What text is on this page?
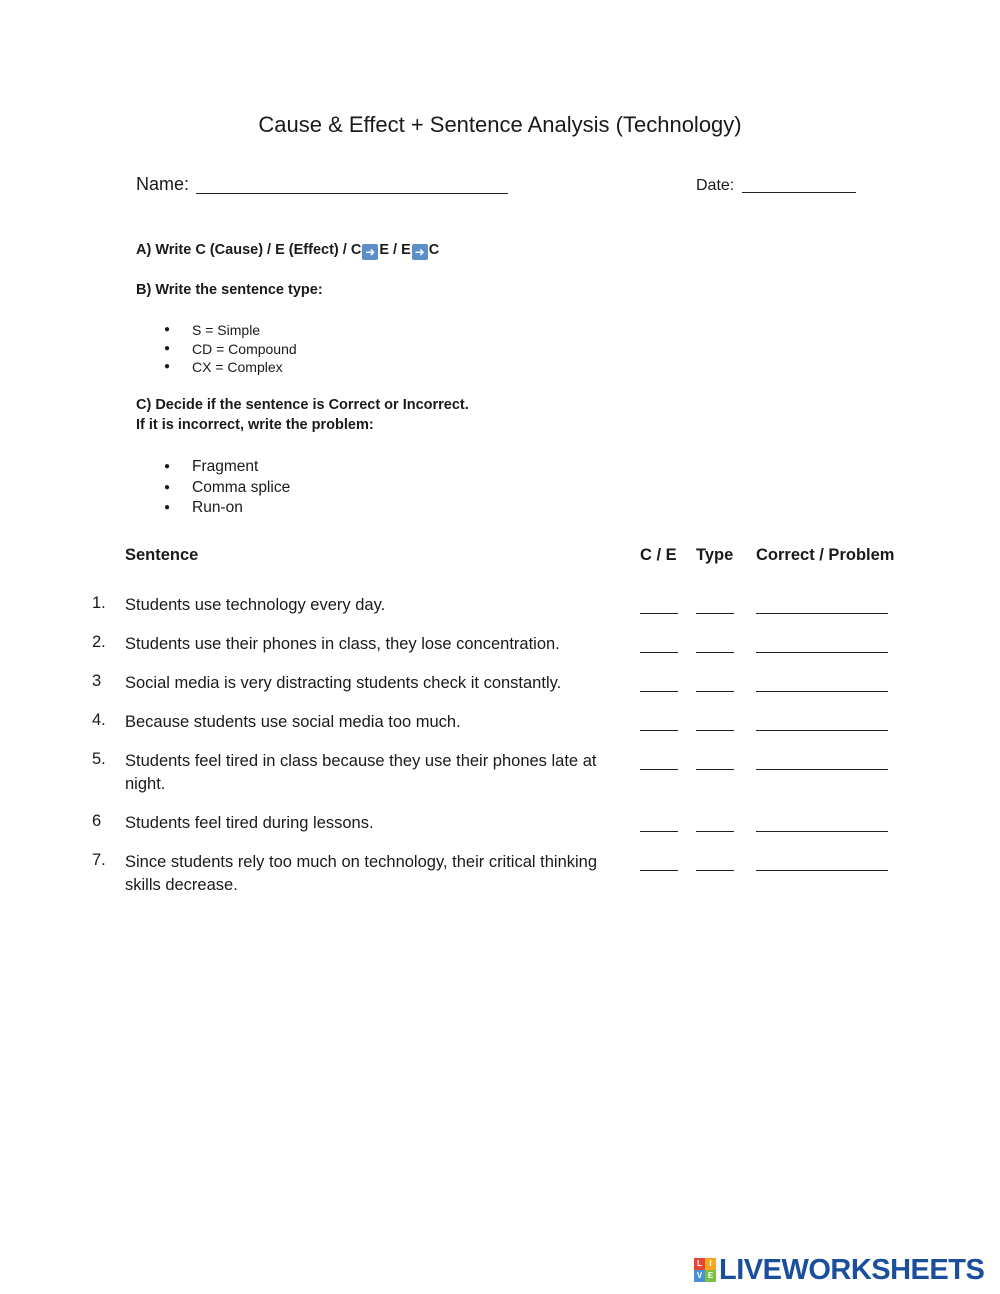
Cause & Effect + Sentence Analysis (Technology)
Name:	Date:
A) Write C (Cause) / E (Effect) / C ➜ E / E ➜ C
B) Write the sentence type:
● S = Simple
● CD = Compound
● CX = Complex
C) Decide if the sentence is Correct or Incorrect.
If it is incorrect, write the problem:
● Fragment
● Comma splice
● Run-on
Sentence	C / E Type Correct / Problem
1. Students use technology every day.
2. Students use their phones in class, they lose concentration.
3 Social media is very distracting students check it constantly.
4. Because students use social media too much.
5. Students feel tired in class because they use their phones late at night.
6 Students feel tired during lessons.
7. Since students rely too much on technology, their critical thinking skills decrease.
L I
V E LIVEWORKSHEETS
